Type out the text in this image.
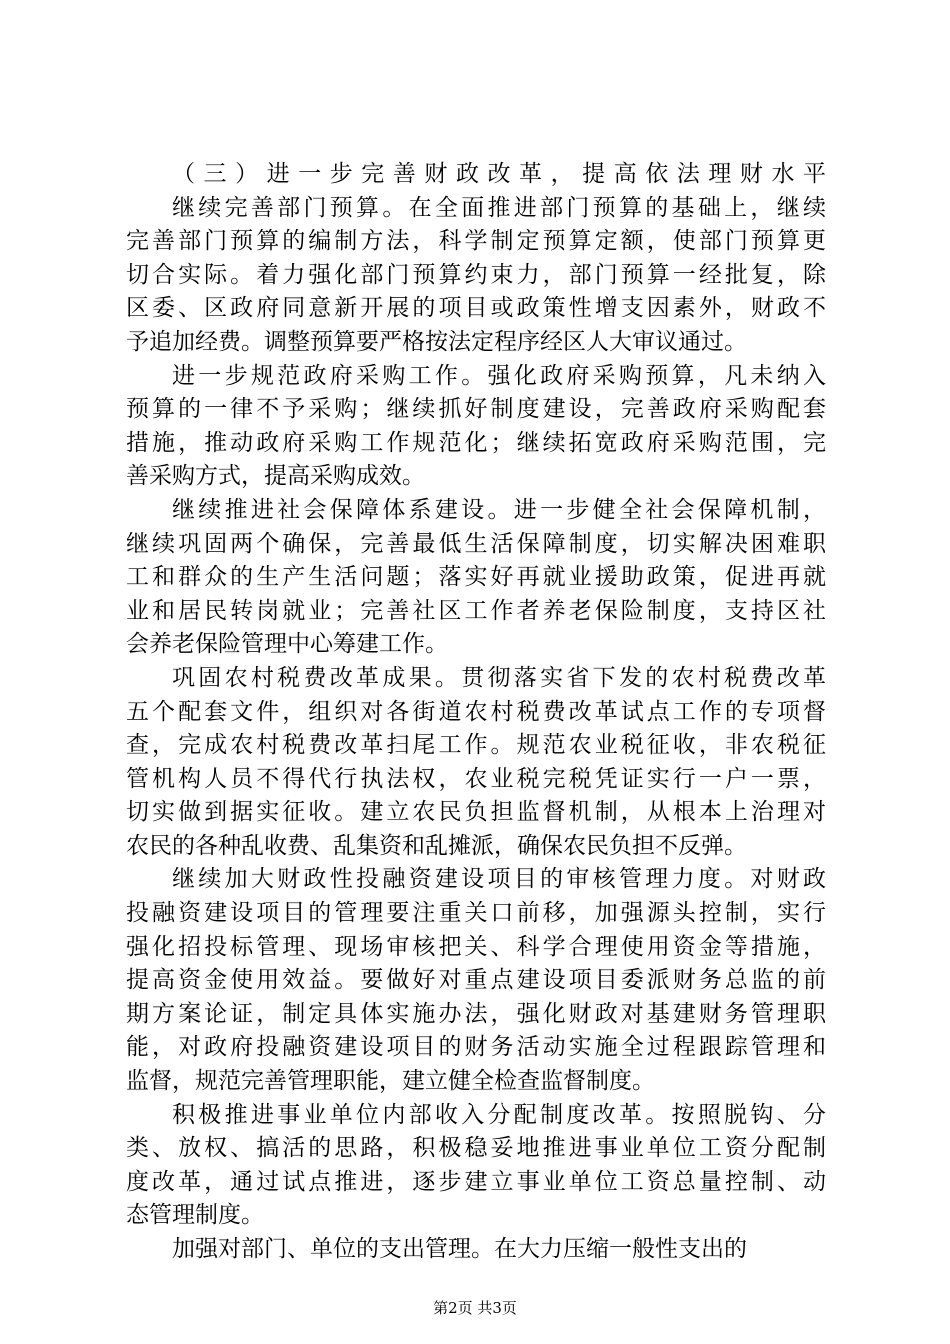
（三）进一步完善财政改革，提高依法理财水平
继续完善部门预算。在全面推进部门预算的基础上，继续
完善部门预算的编制方法，科学制定预算定额，使部门预算更
切合实际。着力强化部门预算约束力，部门预算一经批复，除
区委、区政府同意新开展的项目或政策性增支因素外，财政不
予追加经费。调整预算要严格按法定程序经区人大审议通过。
进一步规范政府采购工作。强化政府采购预算，凡未纳入
预算的一律不予采购；继续抓好制度建设，完善政府采购配套
措施，推动政府采购工作规范化；继续拓宽政府采购范围，完
善采购方式，提高采购成效。
继续推进社会保障体系建设。进一步健全社会保障机制，
继续巩固两个确保，完善最低生活保障制度，切实解决困难职
工和群众的生产生活问题；落实好再就业援助政策，促进再就
业和居民转岗就业；完善社区工作者养老保险制度，支持区社
会养老保险管理中心筹建工作。
巩固农村税费改革成果。贯彻落实省下发的农村税费改革
五个配套文件，组织对各街道农村税费改革试点工作的专项督
查，完成农村税费改革扫尾工作。规范农业税征收，非农税征
管机构人员不得代行执法权，农业税完税凭证实行一户一票，
切实做到据实征收。建立农民负担监督机制，从根本上治理对
农民的各种乱收费、乱集资和乱摊派，确保农民负担不反弹。
继续加大财政性投融资建设项目的审核管理力度。对财政
投融资建设项目的管理要注重关口前移，加强源头控制，实行
强化招投标管理、现场审核把关、科学合理使用资金等措施，
提高资金使用效益。要做好对重点建设项目委派财务总监的前
期方案论证，制定具体实施办法，强化财政对基建财务管理职
能，对政府投融资建设项目的财务活动实施全过程跟踪管理和
监督，规范完善管理职能，建立健全检查监督制度。
积极推进事业单位内部收入分配制度改革。按照脱钩、分
类、放权、搞活的思路，积极稳妥地推进事业单位工资分配制
度改革，通过试点推进，逐步建立事业单位工资总量控制、动
态管理制度。
加强对部门、单位的支出管理。在大力压缩一般性支出的
第2页 共3页
